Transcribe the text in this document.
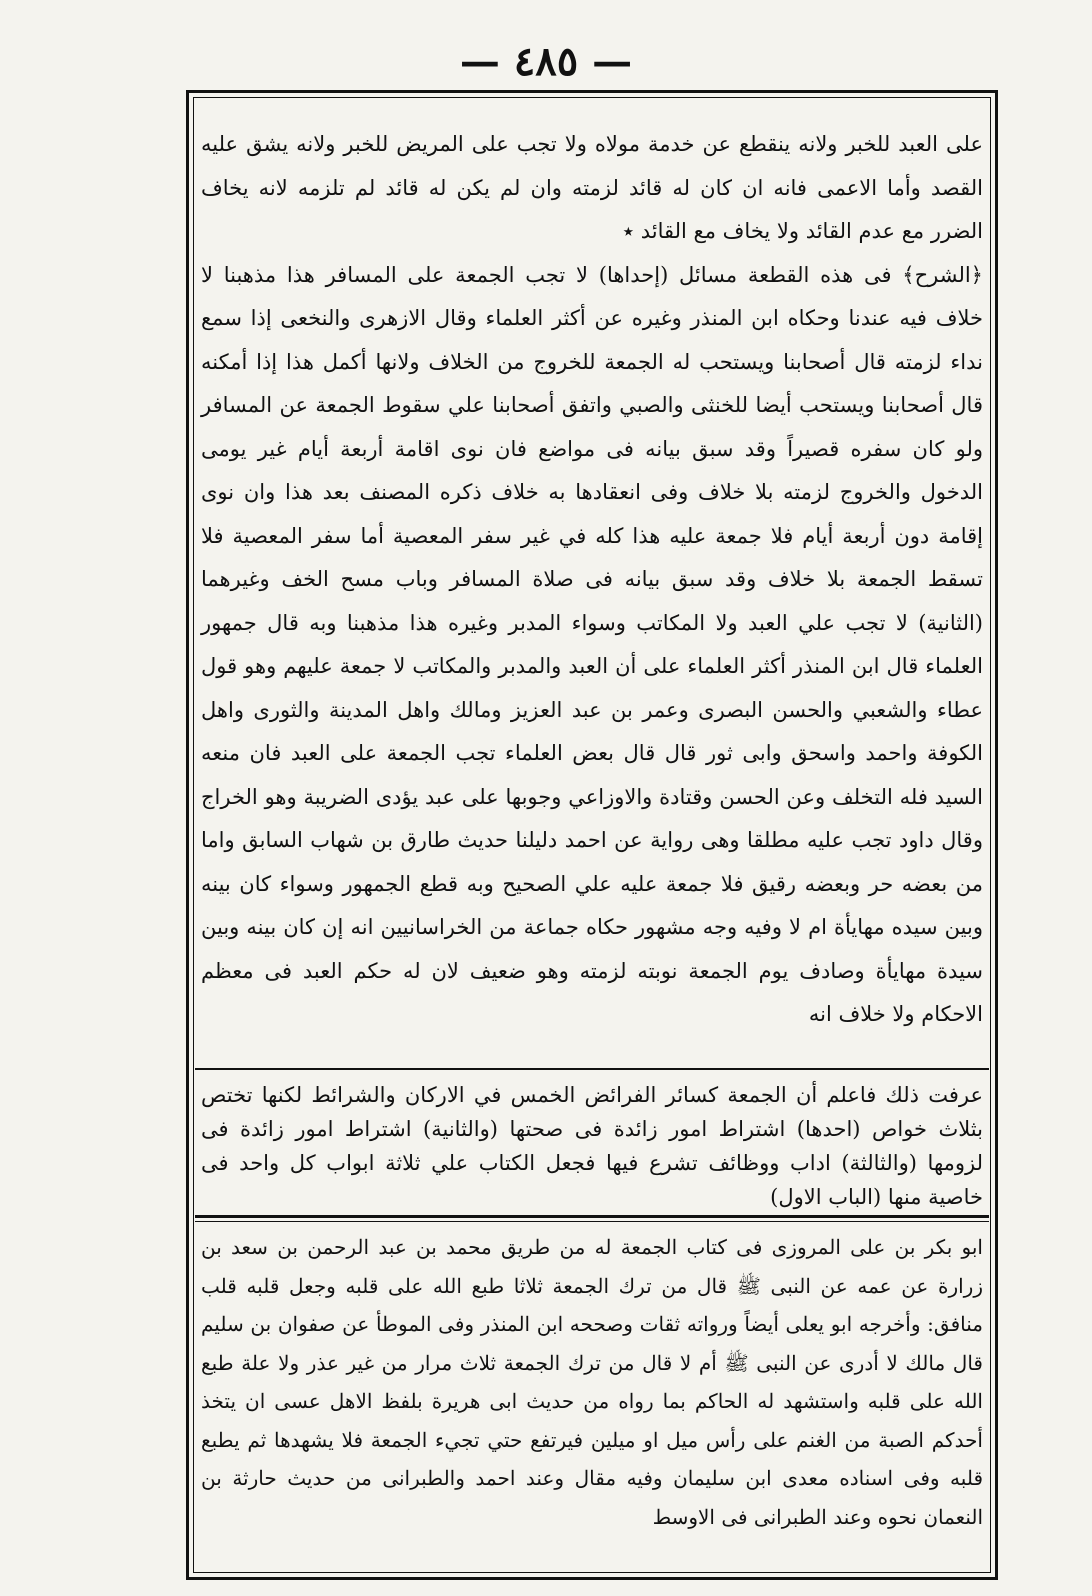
— ٤٨٥ —

على العبد للخبر ولانه ينقطع عن خدمة مولاه ولا تجب على المريض للخبر ولانه يشق عليه القصد وأما الاعمى فانه ان كان له قائد لزمته وان لم يكن له قائد لم تلزمه لانه يخاف الضرر مع عدم القائد ولا يخاف مع القائد ٭

﴿الشرح﴾ فى هذه القطعة مسائل (إحداها) لا تجب الجمعة على المسافر هذا مذهبنا لا خلاف فيه عندنا وحكاه ابن المنذر وغيره عن أكثر العلماء وقال الازهرى والنخعى إذا سمع نداء لزمته قال أصحابنا ويستحب له الجمعة للخروج من الخلاف ولانها أكمل هذا إذا أمكنه قال أصحابنا ويستحب أيضا للخنثى والصبي واتفق أصحابنا علي سقوط الجمعة عن المسافر ولو كان سفره قصيراً وقد سبق بيانه فى مواضع فان نوى اقامة أربعة أيام غير يومى الدخول والخروج لزمته بلا خلاف وفى انعقادها به خلاف ذكره المصنف بعد هذا وان نوى إقامة دون أربعة أيام فلا جمعة عليه هذا كله في غير سفر المعصية أما سفر المعصية فلا تسقط الجمعة بلا خلاف وقد سبق بيانه فى صلاة المسافر وباب مسح الخف وغيرهما (الثانية) لا تجب علي العبد ولا المكاتب وسواء المدبر وغيره هذا مذهبنا وبه قال جمهور العلماء قال ابن المنذر أكثر العلماء على أن العبد والمدبر والمكاتب لا جمعة عليهم وهو قول عطاء والشعبي والحسن البصرى وعمر بن عبد العزيز ومالك واهل المدينة والثورى واهل الكوفة واحمد واسحق وابى ثور قال قال بعض العلماء تجب الجمعة على العبد فان منعه السيد فله التخلف وعن الحسن وقتادة والاوزاعي وجوبها على عبد يؤدى الضريبة وهو الخراج وقال داود تجب عليه مطلقا وهى رواية عن احمد دليلنا حديث طارق بن شهاب السابق واما من بعضه حر وبعضه رقيق فلا جمعة عليه علي الصحيح وبه قطع الجمهور وسواء كان بينه وبين سيده مهايأة ام لا وفيه وجه مشهور حكاه جماعة من الخراسانيين انه إن كان بينه وبين سيدة مهايأة وصادف يوم الجمعة نوبته لزمته وهو ضعيف لان له حكم العبد فى معظم الاحكام ولا خلاف انه

عرفت ذلك فاعلم أن الجمعة كسائر الفرائض الخمس في الاركان والشرائط لكنها تختص بثلاث خواص (احدها) اشتراط امور زائدة فى صحتها (والثانية) اشتراط امور زائدة فى لزومها (والثالثة) اداب ووظائف تشرع فيها فجعل الكتاب علي ثلاثة ابواب كل واحد فى خاصية منها (الباب الاول)

ابو بكر بن على المروزى فى كتاب الجمعة له من طريق محمد بن عبد الرحمن بن سعد بن زرارة عن عمه عن النبى ﷺ قال من ترك الجمعة ثلاثا طبع الله على قلبه وجعل قلبه قلب منافق: وأخرجه ابو يعلى أيضاً ورواته ثقات وصححه ابن المنذر وفى الموطأ عن صفوان بن سليم قال مالك لا أدرى عن النبى ﷺ أم لا قال من ترك الجمعة ثلاث مرار من غير عذر ولا علة طبع الله على قلبه واستشهد له الحاكم بما رواه من حديث ابى هريرة بلفظ الاهل عسى ان يتخذ أحدكم الصبة من الغنم على رأس ميل او ميلين فيرتفع حتي تجيء الجمعة فلا يشهدها ثم يطبع قلبه وفى اسناده معدى ابن سليمان وفيه مقال وعند احمد والطبرانى من حديث حارثة بن النعمان نحوه وعند الطبرانى فى الاوسط
